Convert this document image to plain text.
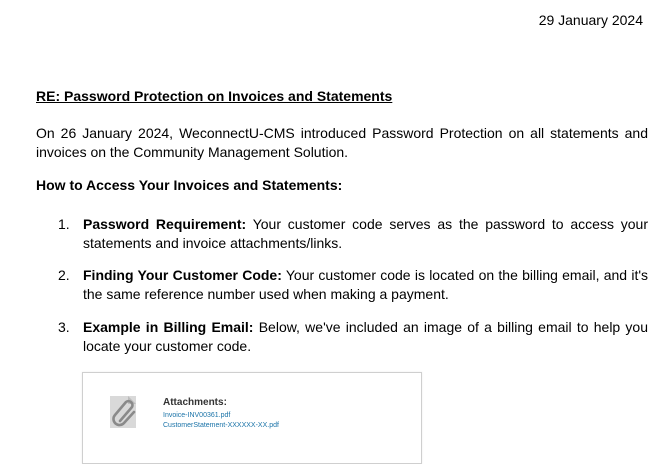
29 January 2024
RE: Password Protection on Invoices and Statements
On 26 January 2024, WeconnectU-CMS introduced Password Protection on all statements and invoices on the Community Management Solution.
How to Access Your Invoices and Statements:
1. Password Requirement: Your customer code serves as the password to access your statements and invoice attachments/links.
2. Finding Your Customer Code: Your customer code is located on the billing email, and it's the same reference number used when making a payment.
3. Example in Billing Email: Below, we've included an image of a billing email to help you locate your customer code.
Attachments:
Invoice-INV00361.pdf
CustomerStatement-XXXXXX-XX.pdf
